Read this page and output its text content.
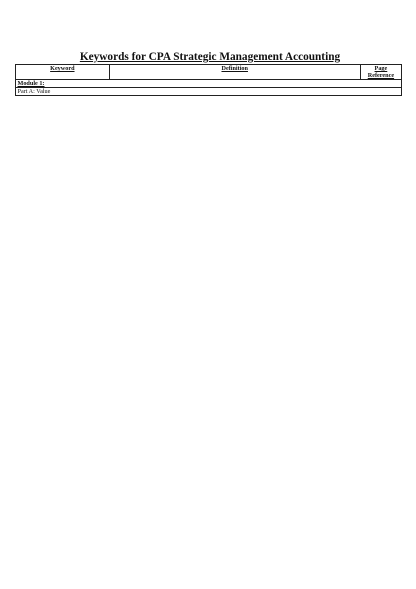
Keywords for CPA Strategic Management Accounting
Keyword	Definition	Page Reference
Module 1:
Part A: Value
